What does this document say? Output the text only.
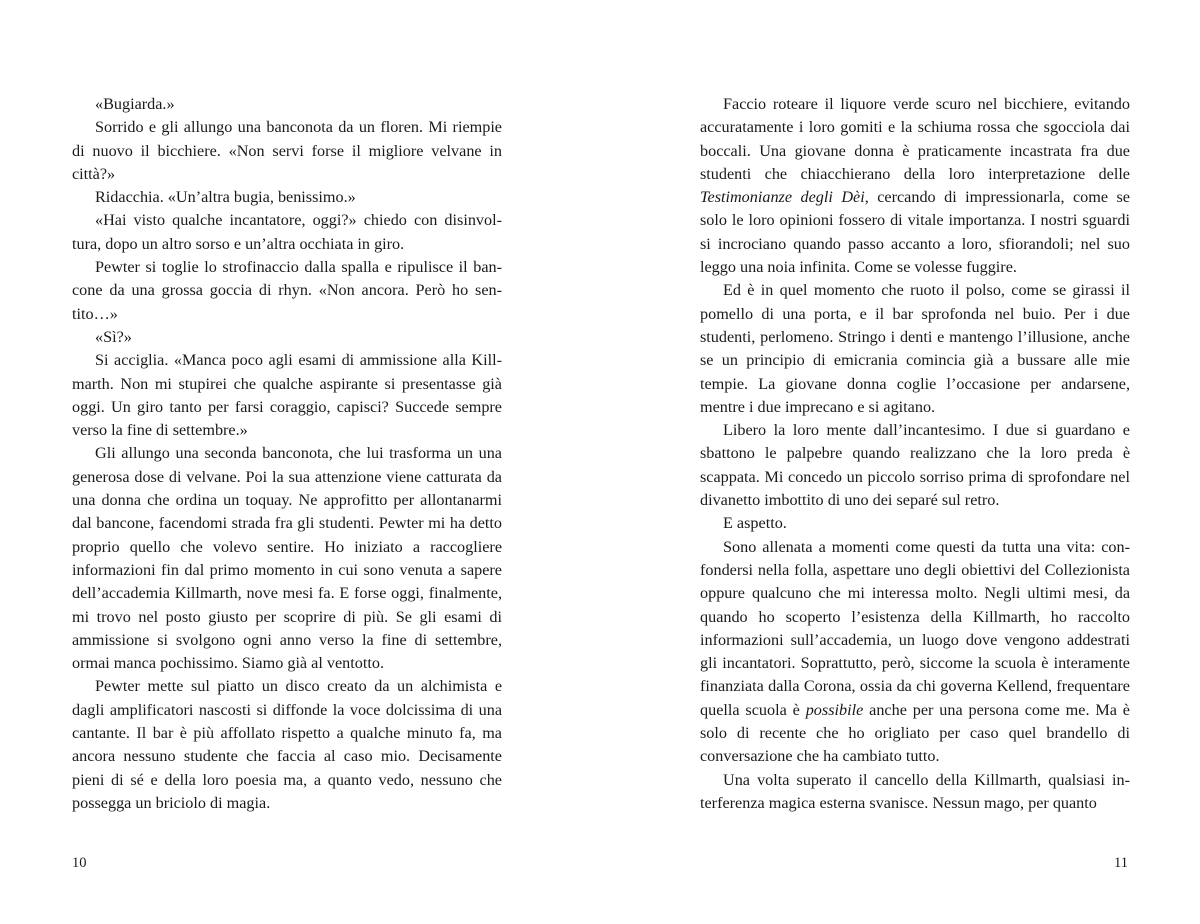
«Bugiarda.»

Sorrido e gli allungo una banconota da un floren. Mi riempie di nuovo il bicchiere. «Non servi forse il migliore velvane in città?»

Ridacchia. «Un’altra bugia, benissimo.»

«Hai visto qualche incantatore, oggi?» chiedo con disinvoltura, dopo un altro sorso e un’altra occhiata in giro.

Pewter si toglie lo strofinaccio dalla spalla e ripulisce il bancone da una grossa goccia di rhyn. «Non ancora. Però ho sentito…»

«Sì?»

Si acciglia. «Manca poco agli esami di ammissione alla Killmarth. Non mi stupirei che qualche aspirante si presentasse già oggi. Un giro tanto per farsi coraggio, capisci? Succede sempre verso la fine di settembre.»

Gli allungo una seconda banconota, che lui trasforma un una generosa dose di velvane. Poi la sua attenzione viene catturata da una donna che ordina un toquay. Ne approfitto per allontanarmi dal bancone, facendomi strada fra gli studenti. Pewter mi ha detto proprio quello che volevo sentire. Ho iniziato a raccogliere informazioni fin dal primo momento in cui sono venuta a sapere dell’accademia Killmarth, nove mesi fa. E forse oggi, finalmente, mi trovo nel posto giusto per scoprire di più. Se gli esami di ammissione si svolgono ogni anno verso la fine di settembre, ormai manca pochissimo. Siamo già al ventotto.

Pewter mette sul piatto un disco creato da un alchimista e dagli amplificatori nascosti si diffonde la voce dolcissima di una cantante. Il bar è più affollato rispetto a qualche minuto fa, ma ancora nessuno studente che faccia al caso mio. Decisamente pieni di sé e della loro poesia ma, a quanto vedo, nessuno che possegga un briciolo di magia.

10

Faccio roteare il liquore verde scuro nel bicchiere, evitando accuratamente i loro gomiti e la schiuma rossa che sgocciola dai boccali. Una giovane donna è praticamente incastrata fra due studenti che chiacchierano della loro interpretazione delle Testimonianze degli Dèi, cercando di impressionarla, come se solo le loro opinioni fossero di vitale importanza. I nostri sguardi si incrociano quando passo accanto a loro, sfiorandoli; nel suo leggo una noia infinita. Come se volesse fuggire.

Ed è in quel momento che ruoto il polso, come se girassi il pomello di una porta, e il bar sprofonda nel buio. Per i due studenti, perlomeno. Stringo i denti e mantengo l’illusione, anche se un principio di emicrania comincia già a bussare alle mie tempie. La giovane donna coglie l’occasione per andarsene, mentre i due imprecano e si agitano.

Libero la loro mente dall’incantesimo. I due si guardano e sbattono le palpebre quando realizzano che la loro preda è scappata. Mi concedo un piccolo sorriso prima di sprofondare nel divanetto imbottito di uno dei separé sul retro.

E aspetto.

Sono allenata a momenti come questi da tutta una vita: confondersi nella folla, aspettare uno degli obiettivi del Collezionista oppure qualcuno che mi interessa molto. Negli ultimi mesi, da quando ho scoperto l’esistenza della Killmarth, ho raccolto informazioni sull’accademia, un luogo dove vengono addestrati gli incantatori. Soprattutto, però, siccome la scuola è interamente finanziata dalla Corona, ossia da chi governa Kellend, frequentare quella scuola è possibile anche per una persona come me. Ma è solo di recente che ho origliato per caso quel brandello di conversazione che ha cambiato tutto.

Una volta superato il cancello della Killmarth, qualsiasi interferenza magica esterna svanisce. Nessun mago, per quanto

11
